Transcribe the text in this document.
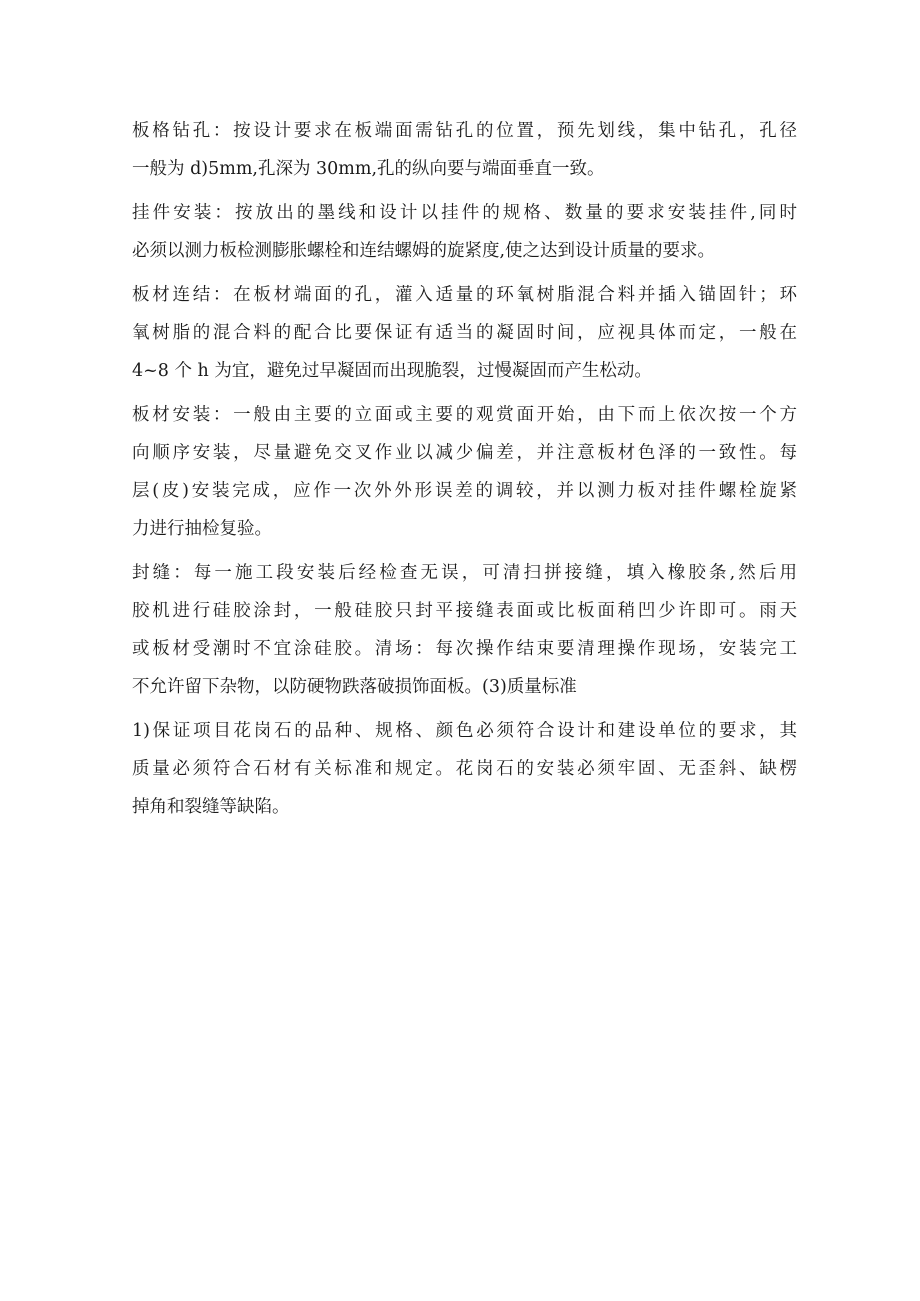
板格钻孔：按设计要求在板端面需钻孔的位置，预先划线，集中钻孔，孔径
一般为 d)5mm,孔深为 30mm,孔的纵向要与端面垂直一致。
挂件安装：按放出的墨线和设计以挂件的规格、数量的要求安装挂件,同时
必须以测力板检测膨胀螺栓和连结螺姆的旋紧度,使之达到设计质量的要求。
板材连结：在板材端面的孔，灌入适量的环氧树脂混合料并插入锚固针；环
氧树脂的混合料的配合比要保证有适当的凝固时间，应视具体而定，一般在
4~8 个 h 为宜，避免过早凝固而出现脆裂，过慢凝固而产生松动。
板材安装：一般由主要的立面或主要的观赏面开始，由下而上依次按一个方
向顺序安装，尽量避免交叉作业以减少偏差，并注意板材色泽的一致性。每
层(皮)安装完成，应作一次外外形误差的调较，并以测力板对挂件螺栓旋紧
力进行抽检复验。
封缝：每一施工段安装后经检查无误，可清扫拼接缝，填入橡胶条,然后用
胶机进行硅胶涂封，一般硅胶只封平接缝表面或比板面稍凹少许即可。雨天
或板材受潮时不宜涂硅胶。清场：每次操作结束要清理操作现场，安装完工
不允许留下杂物，以防硬物跌落破损饰面板。(3)质量标准
1)保证项目花岗石的品种、规格、颜色必须符合设计和建设单位的要求，其
质量必须符合石材有关标准和规定。花岗石的安装必须牢固、无歪斜、缺楞
掉角和裂缝等缺陷。
